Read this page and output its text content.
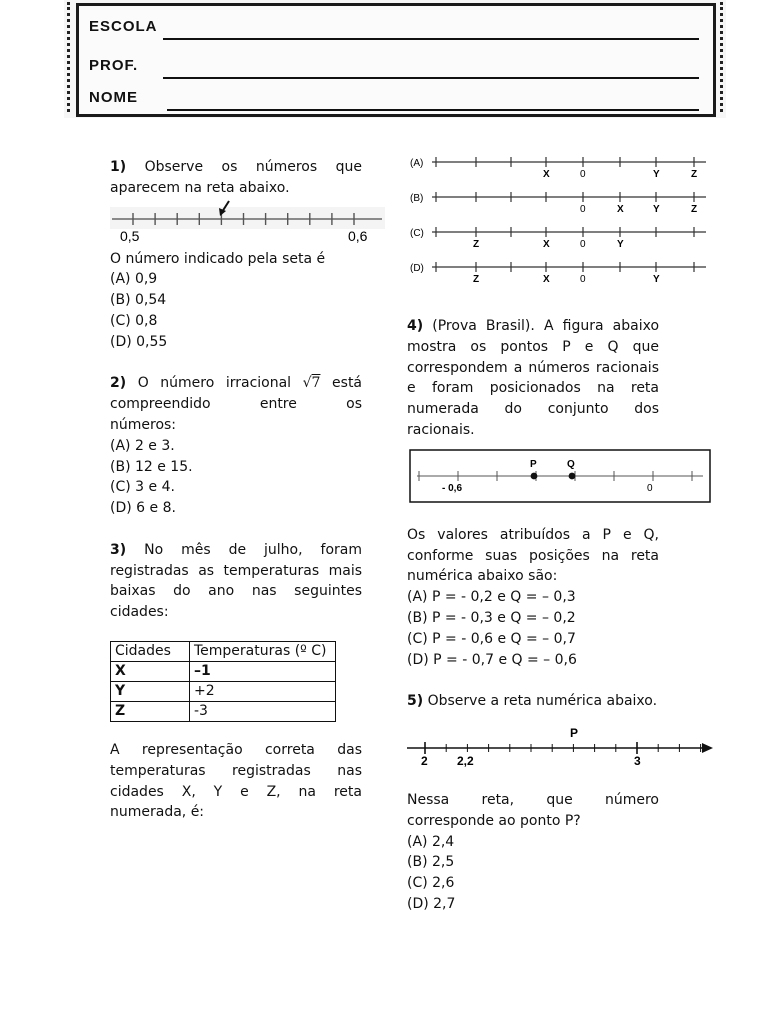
ESCOLA
PROF.
NOME

1) Observe os números que aparecem na reta abaixo.

0,5	0,6

O número indicado pela seta é

(A) 0,9

(B) 0,54

(C) 0,8

(D) 0,55

2) O número irracional √7 está

compreendido entre os

números:

(A) 2 e 3.

(B) 12 e 15.

(C) 3 e 4.

(D) 6 e 8.

3) No mês de julho, foram registradas as temperaturas mais baixas do ano nas seguintes cidades:

Cidades	Temperaturas (º C)
X	–1
Y	+2
Z	-3

A representação correta das temperaturas registradas nas cidades X, Y e Z, na reta numerada, é:

(A)
X	0	Y	Z
(B)
0	X	Y	Z
(C)
Z	X	0	Y
(D)
Z	X	0	Y

4) (Prova Brasil). A figura abaixo mostra os pontos P e Q que correspondem a números racionais e foram posicionados na reta numerada do conjunto dos racionais.

P	Q
- 0,6	0

Os valores atribuídos a P e Q, conforme suas posições na reta numérica abaixo são:

(A) P = - 0,2 e Q = – 0,3

(B) P = - 0,3 e Q = – 0,2

(C) P = - 0,6 e Q = – 0,7

(D) P = - 0,7 e Q = – 0,6

5) Observe a reta numérica abaixo.

P
2 2,2	3

Nessa reta, que número corresponde ao ponto P?

(A) 2,4

(B) 2,5

(C) 2,6

(D) 2,7
